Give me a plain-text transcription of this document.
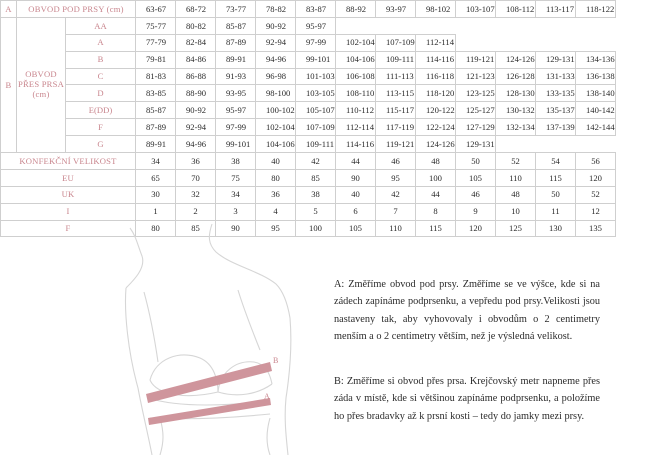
A	OBVOD POD PRSY (cm)		63-67	68-72	73-77	78-82	83-87	88-92	93-97	98-102	103-107	108-112	113-117	118-122
B	OBVOD
PŘES PRSA
(cm)	AA	75-77	80-82	85-87	90-92	95-97							
		A	77-79	82-84	87-89	92-94	97-99	102-104	107-109	112-114				
		B	79-81	84-86	89-91	94-96	99-101	104-106	109-111	114-116	119-121	124-126	129-131	134-136
		C	81-83	86-88	91-93	96-98	101-103	106-108	111-113	116-118	121-123	126-128	131-133	136-138
		D	83-85	88-90	93-95	98-100	103-105	108-110	113-115	118-120	123-125	128-130	133-135	138-140
		E(DD)	85-87	90-92	95-97	100-102	105-107	110-112	115-117	120-122	125-127	130-132	135-137	140-142
		F	87-89	92-94	97-99	102-104	107-109	112-114	117-119	122-124	127-129	132-134	137-139	142-144
		G	89-91	94-96	99-101	104-106	109-111	114-116	119-121	124-126	129-131			
KONFEKČNÍ VELIKOST			34	36	38	40	42	44	46	48	50	52	54	56
EU			65	70	75	80	85	90	95	100	105	110	115	120
UK			30	32	34	36	38	40	42	44	46	48	50	52
I			1	2	3	4	5	6	7	8	9	10	11	12
F			80	85	90	95	100	105	110	115	120	125	130	135
B
A
A: Změříme obvod pod prsy. Změříme se ve výšce, kde si na zádech zapínáme podprsenku, a vepředu pod prsy.Velikosti jsou nastaveny tak, aby vyhovovaly i obvodům o 2 centimetry menším a o 2 centimetry větším, než je výsledná velikost.
B: Změříme si obvod přes prsa. Krejčovský metr napneme přes záda v místě, kde si většinou zapínáme podprsenku, a položíme ho přes bradavky až k prsní kosti – tedy do jamky mezi prsy.
